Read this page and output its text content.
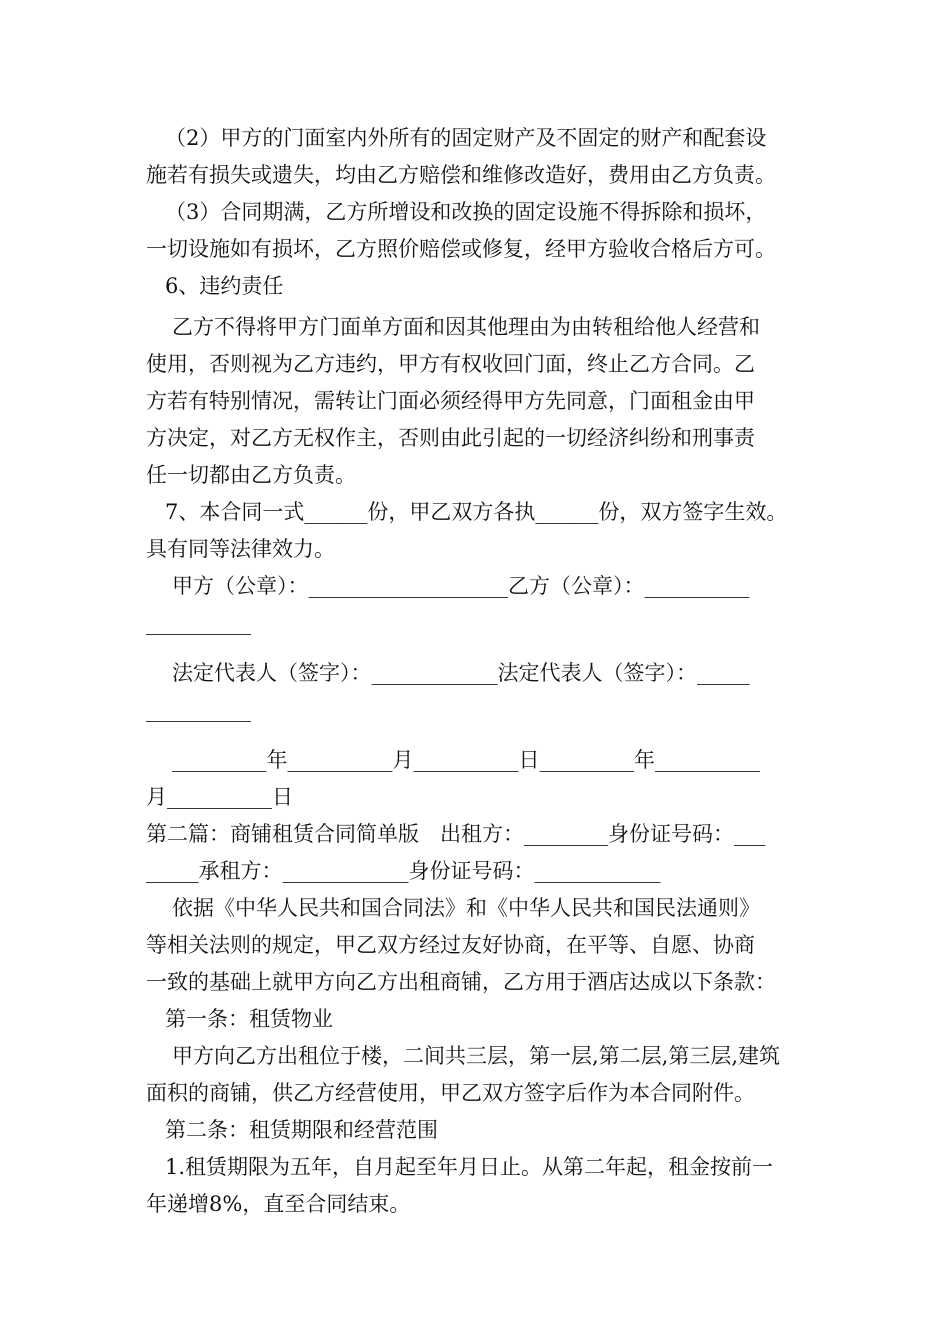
（2）甲方的门面室内外所有的固定财产及不固定的财产和配套设
施若有损失或遗失，均由乙方赔偿和维修改造好，费用由乙方负责。
（3）合同期满，乙方所增设和改换的固定设施不得拆除和损坏，
一切设施如有损坏，乙方照价赔偿或修复，经甲方验收合格后方可。
6、违约责任
乙方不得将甲方门面单方面和因其他理由为由转租给他人经营和
使用，否则视为乙方违约，甲方有权收回门面，终止乙方合同。乙
方若有特别情况，需转让门面必须经得甲方先同意，门面租金由甲
方决定，对乙方无权作主，否则由此引起的一切经济纠纷和刑事责
任一切都由乙方负责。
7、本合同一式______份，甲乙双方各执______份，双方签字生效。
具有同等法律效力。
甲方（公章）：___________________乙方（公章）：__________
__________
法定代表人（签字）：____________法定代表人（签字）：_____
__________
_________年__________月__________日_________年__________
月__________日
第二篇：商铺租赁合同简单版　出租方：________身份证号码：___
_____承租方：____________身份证号码：____________
依据《中华人民共和国合同法》和《中华人民共和国民法通则》
等相关法则的规定，甲乙双方经过友好协商，在平等、自愿、协商
一致的基础上就甲方向乙方出租商铺，乙方用于酒店达成以下条款：
第一条：租赁物业
甲方向乙方出租位于楼，二间共三层，第一层,第二层,第三层,建筑
面积的商铺，供乙方经营使用，甲乙双方签字后作为本合同附件。
第二条：租赁期限和经营范围
1.租赁期限为五年，自月起至年月日止。从第二年起，租金按前一
年递增8%，直至合同结束。
